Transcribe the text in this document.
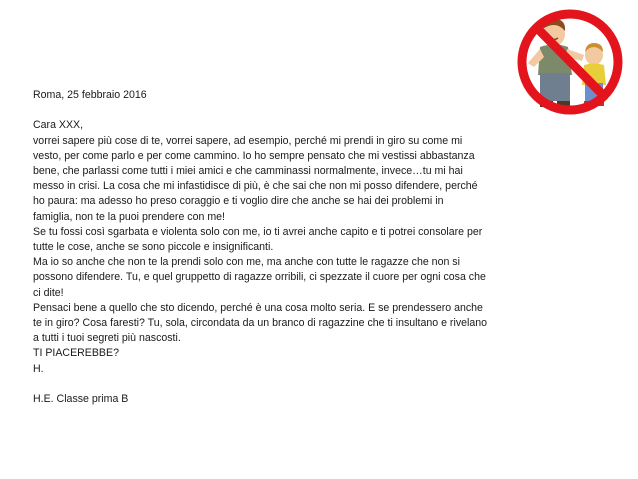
Roma, 25 febbraio 2016
Cara XXX,
vorrei sapere più cose di te, vorrei sapere, ad esempio, perché mi prendi in giro su come mi
vesto, per come parlo e per come cammino. Io ho sempre pensato che mi vestissi abbastanza
bene, che parlassi come tutti i miei amici e che camminassi normalmente, invece…tu mi hai
messo in crisi. La cosa che mi infastidisce di più, è che sai che non mi posso difendere, perché
ho paura: ma adesso ho preso coraggio e ti voglio dire che anche se hai dei problemi in
famiglia, non te la puoi prendere con me!
Se tu fossi così sgarbata e violenta solo con me, io ti avrei anche capito e ti potrei consolare per
tutte le cose, anche se sono piccole e insignificanti.
Ma io so anche che non te la prendi solo con me, ma anche con tutte le ragazze che non si
possono difendere. Tu, e quel gruppetto di ragazze orribili, ci spezzate il cuore per ogni cosa che
ci dite!
Pensaci bene a quello che sto dicendo, perché è una cosa molto seria. E se prendessero anche
te in giro? Cosa faresti? Tu, sola, circondata da un branco di ragazzine che ti insultano e rivelano
a tutti i tuoi segreti più nascosti.
TI PIACEREBBE?
H.
H.E. Classe prima B
